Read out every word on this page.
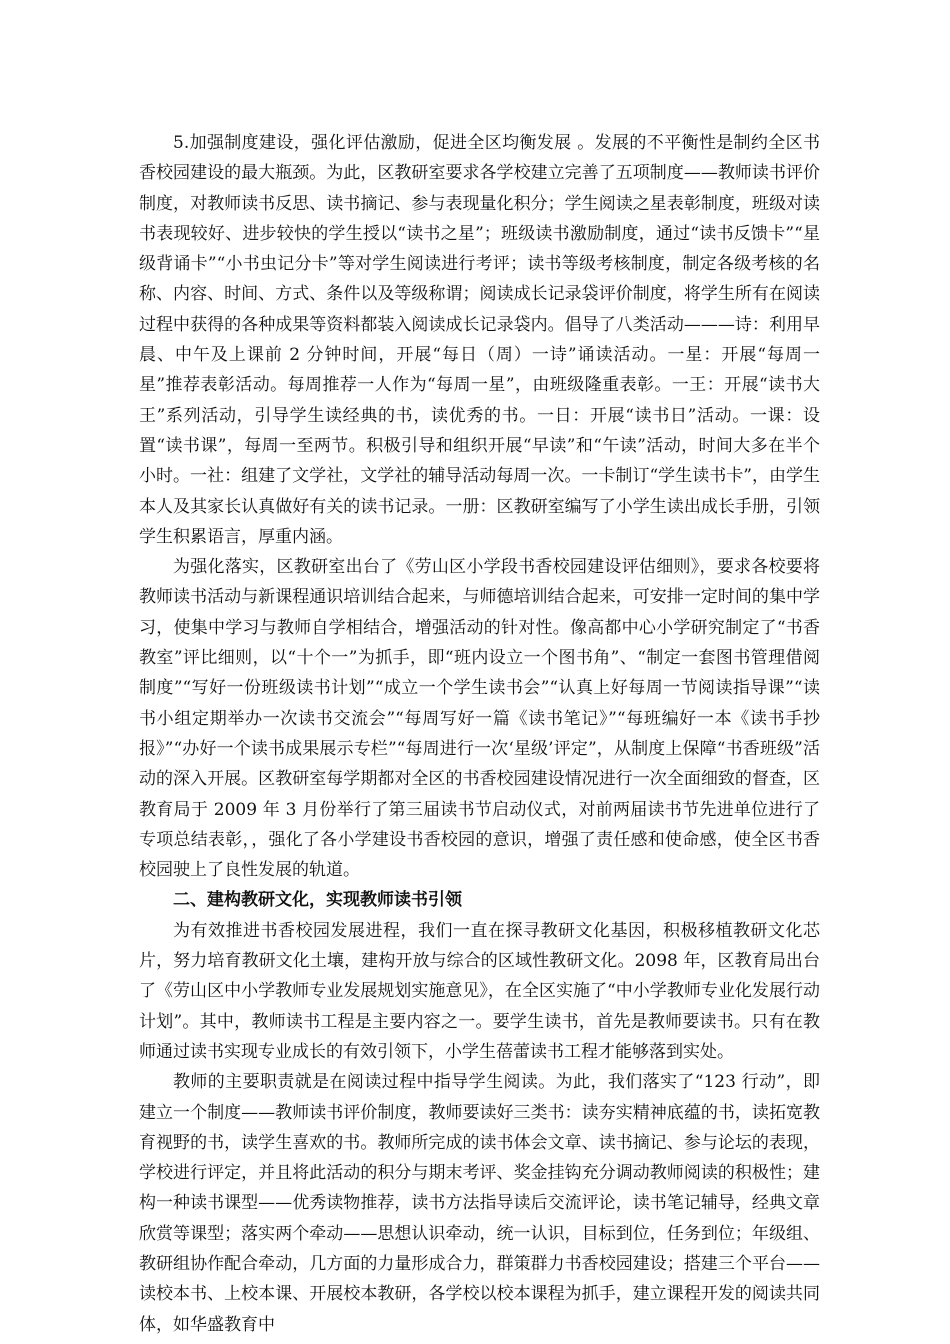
5.加强制度建设，强化评估激励，促进全区均衡发展 。发展的不平衡性是制约全区书香校园建设的最大瓶颈。为此，区教研室要求各学校建立完善了五项制度——教师读书评价制度，对教师读书反思、读书摘记、参与表现量化积分；学生阅读之星表彰制度，班级对读书表现较好、进步较快的学生授以“读书之星”；班级读书激励制度，通过“读书反馈卡”“星级背诵卡”“小书虫记分卡”等对学生阅读进行考评；读书等级考核制度，制定各级考核的名称、内容、时间、方式、条件以及等级称谓；阅读成长记录袋评价制度，将学生所有在阅读过程中获得的各种成果等资料都装入阅读成长记录袋内。倡导了八类活动———诗：利用早晨、中午及上课前 2 分钟时间，开展“每日（周）一诗”诵读活动。一星：开展“每周一星”推荐表彰活动。每周推荐一人作为“每周一星”，由班级隆重表彰。一王：开展“读书大王”系列活动，引导学生读经典的书，读优秀的书。一日：开展“读书日”活动。一课：设置“读书课”，每周一至两节。积极引导和组织开展“早读”和“午读”活动，时间大多在半个小时。一社：组建了文学社，文学社的辅导活动每周一次。一卡制订“学生读书卡”，由学生本人及其家长认真做好有关的读书记录。一册：区教研室编写了小学生读出成长手册，引领学生积累语言，厚重内涵。

为强化落实，区教研室出台了《劳山区小学段书香校园建设评估细则》，要求各校要将教师读书活动与新课程通识培训结合起来，与师德培训结合起来，可安排一定时间的集中学习，使集中学习与教师自学相结合，增强活动的针对性。像高都中心小学研究制定了“书香教室”评比细则，以“十个一”为抓手，即“班内设立一个图书角”、“制定一套图书管理借阅制度”“写好一份班级读书计划”“成立一个学生读书会”“认真上好每周一节阅读指导课”“读书小组定期举办一次读书交流会”“每周写好一篇《读书笔记》”“每班编好一本《读书手抄报》”“办好一个读书成果展示专栏”“每周进行一次‘星级’评定”，从制度上保障“书香班级”活动的深入开展。区教研室每学期都对全区的书香校园建设情况进行一次全面细致的督查，区教育局于 2009 年 3 月份举行了第三届读书节启动仪式，对前两届读书节先进单位进行了专项总结表彰，，强化了各小学建设书香校园的意识，增强了责任感和使命感，使全区书香校园驶上了良性发展的轨道。

二、建构教研文化，实现教师读书引领

为有效推进书香校园发展进程，我们一直在探寻教研文化基因，积极移植教研文化芯片，努力培育教研文化土壤，建构开放与综合的区域性教研文化。2098 年，区教育局出台了《劳山区中小学教师专业发展规划实施意见》，在全区实施了“中小学教师专业化发展行动计划”。其中，教师读书工程是主要内容之一。要学生读书，首先是教师要读书。只有在教师通过读书实现专业成长的有效引领下，小学生蓓蕾读书工程才能够落到实处。

教师的主要职责就是在阅读过程中指导学生阅读。为此，我们落实了“123 行动”，即建立一个制度——教师读书评价制度，教师要读好三类书：读夯实精神底蕴的书，读拓宽教育视野的书，读学生喜欢的书。教师所完成的读书体会文章、读书摘记、参与论坛的表现，学校进行评定，并且将此活动的积分与期末考评、奖金挂钩充分调动教师阅读的积极性；建构一种读书课型——优秀读物推荐，读书方法指导读后交流评论，读书笔记辅导，经典文章欣赏等课型；落实两个牵动——思想认识牵动，统一认识，目标到位，任务到位；年级组、教研组协作配合牵动，几方面的力量形成合力，群策群力书香校园建设；搭建三个平台——读校本书、上校本课、开展校本教研，各学校以校本课程为抓手，建立课程开发的阅读共同体，如华盛教育中
